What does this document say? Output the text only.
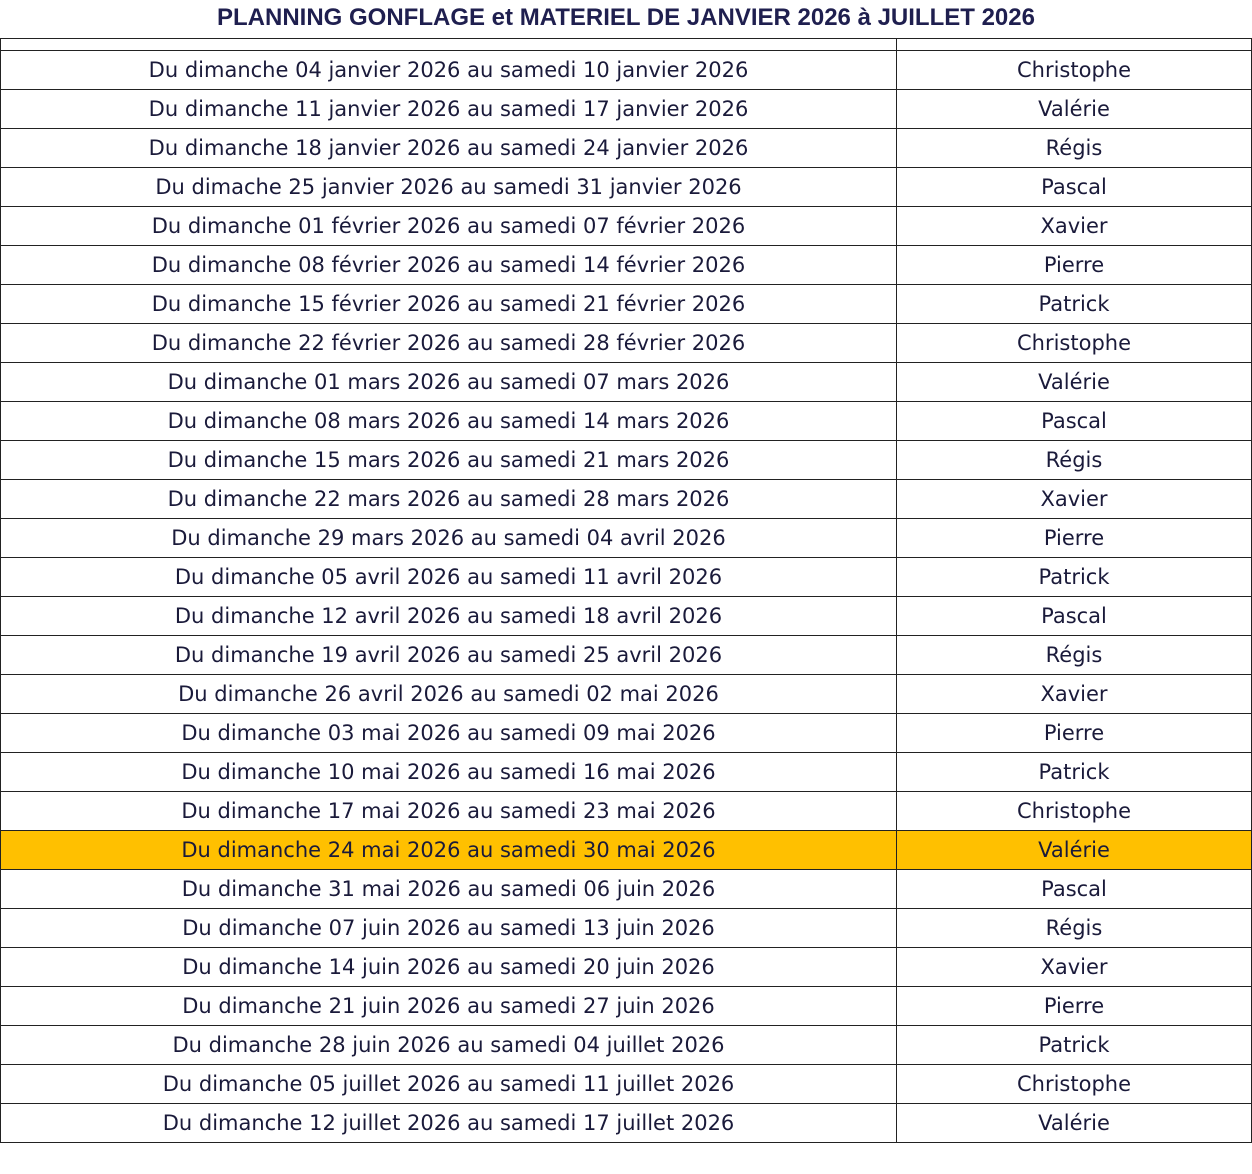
PLANNING GONFLAGE et MATERIEL DE JANVIER 2026 à JUILLET 2026

Du dimanche 04 janvier 2026 au samedi 10 janvier 2026	Christophe
Du dimanche 11 janvier 2026 au samedi 17 janvier 2026	Valérie
Du dimanche 18 janvier 2026 au samedi 24 janvier 2026	Régis
Du dimache 25 janvier 2026 au samedi 31 janvier 2026	Pascal
Du dimanche 01 février 2026 au samedi 07 février 2026	Xavier
Du dimanche 08 février 2026 au samedi 14 février 2026	Pierre
Du dimanche 15 février 2026 au samedi 21 février 2026	Patrick
Du dimanche 22 février 2026 au samedi 28 février 2026	Christophe
Du dimanche 01 mars 2026 au samedi 07 mars 2026	Valérie
Du dimanche 08 mars 2026 au samedi 14 mars 2026	Pascal
Du dimanche 15 mars 2026 au samedi 21 mars 2026	Régis
Du dimanche 22 mars 2026 au samedi 28 mars 2026	Xavier
Du dimanche 29 mars 2026 au samedi 04 avril 2026	Pierre
Du dimanche 05 avril 2026 au samedi 11 avril 2026	Patrick
Du dimanche 12 avril 2026 au samedi 18 avril 2026	Pascal
Du dimanche 19 avril 2026 au samedi 25 avril 2026	Régis
Du dimanche 26 avril 2026 au samedi 02 mai 2026	Xavier
Du dimanche 03 mai 2026 au samedi 09 mai 2026	Pierre
Du dimanche 10 mai 2026 au samedi 16 mai 2026	Patrick
Du dimanche 17 mai 2026 au samedi 23 mai 2026	Christophe
Du dimanche 24 mai 2026 au samedi 30 mai 2026	Valérie
Du dimanche 31 mai 2026 au samedi 06 juin 2026	Pascal
Du dimanche 07 juin 2026 au samedi 13 juin 2026	Régis
Du dimanche 14 juin 2026 au samedi 20 juin 2026	Xavier
Du dimanche 21 juin 2026 au samedi 27 juin 2026	Pierre
Du dimanche 28 juin 2026 au samedi 04 juillet 2026	Patrick
Du dimanche 05 juillet 2026 au samedi 11 juillet 2026	Christophe
Du dimanche 12 juillet 2026 au samedi 17 juillet 2026	Valérie
